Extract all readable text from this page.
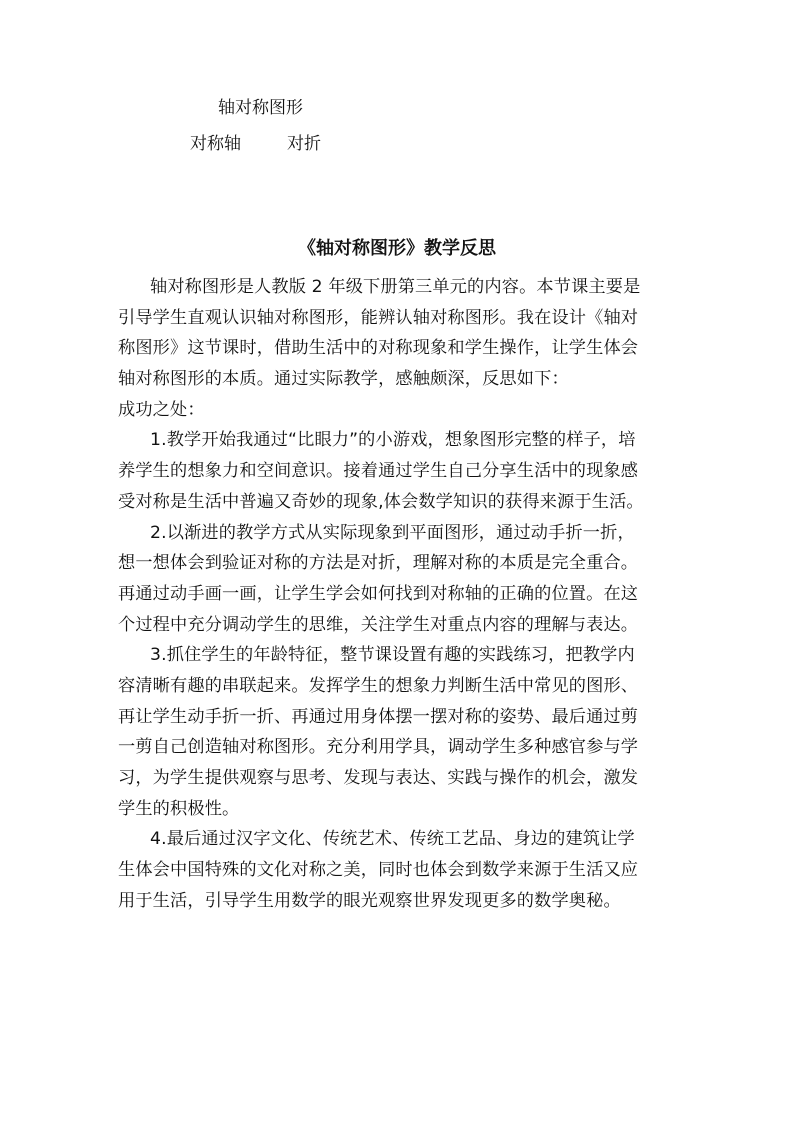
轴对称图形
对称轴	对折
《轴对称图形》教学反思
轴对称图形是人教版 2 年级下册第三单元的内容。本节课主要是
引导学生直观认识轴对称图形，能辨认轴对称图形。我在设计《轴对
称图形》这节课时，借助生活中的对称现象和学生操作，让学生体会
轴对称图形的本质。通过实际教学，感触颇深，反思如下：
成功之处：
1.教学开始我通过“比眼力”的小游戏，想象图形完整的样子，培
养学生的想象力和空间意识。接着通过学生自己分享生活中的现象感
受对称是生活中普遍又奇妙的现象,体会数学知识的获得来源于生活。
2.以渐进的教学方式从实际现象到平面图形，通过动手折一折，
想一想体会到验证对称的方法是对折，理解对称的本质是完全重合。
再通过动手画一画，让学生学会如何找到对称轴的正确的位置。在这
个过程中充分调动学生的思维，关注学生对重点内容的理解与表达。
3.抓住学生的年龄特征，整节课设置有趣的实践练习，把教学内
容清晰有趣的串联起来。发挥学生的想象力判断生活中常见的图形、
再让学生动手折一折、再通过用身体摆一摆对称的姿势、最后通过剪
一剪自己创造轴对称图形。充分利用学具，调动学生多种感官参与学
习，为学生提供观察与思考、发现与表达、实践与操作的机会，激发
学生的积极性。
4.最后通过汉字文化、传统艺术、传统工艺品、身边的建筑让学
生体会中国特殊的文化对称之美，同时也体会到数学来源于生活又应
用于生活，引导学生用数学的眼光观察世界发现更多的数学奥秘。
